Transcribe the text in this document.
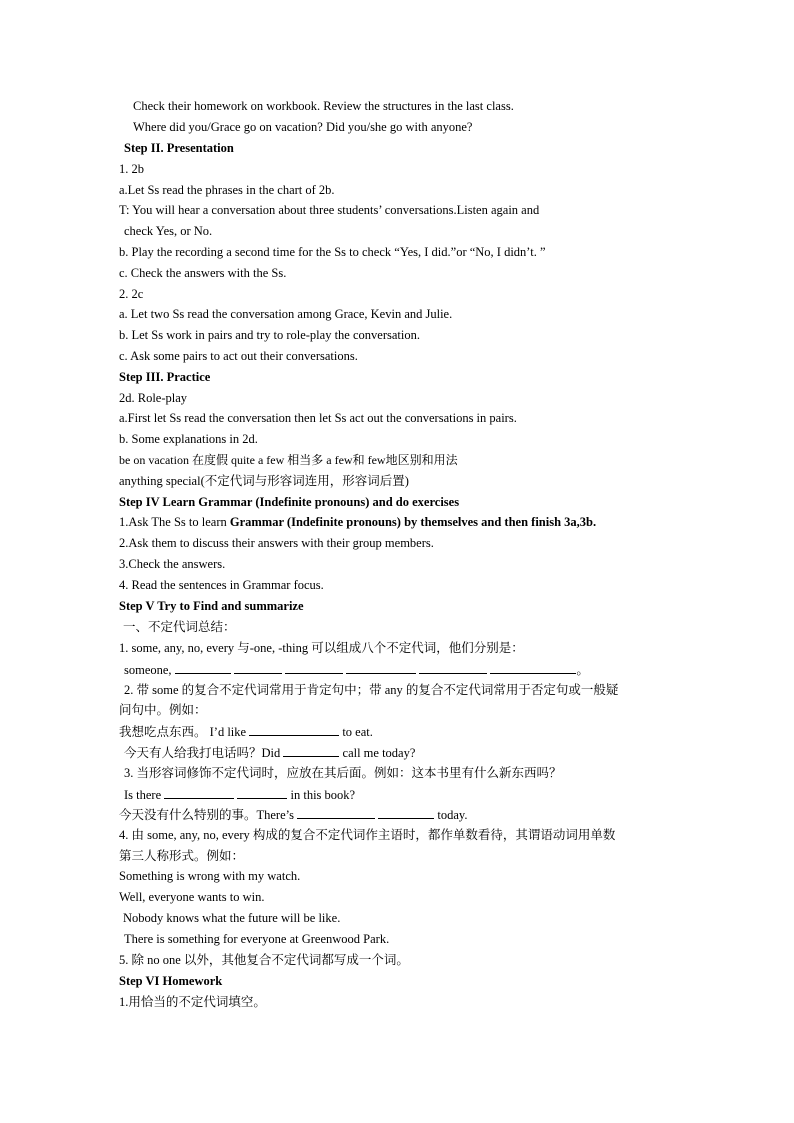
Check their homework on workbook. Review the structures in the last class.
Where did you/Grace go on vacation? Did you/she go with anyone?
Step II. Presentation
1. 2b
a.Let Ss read the phrases in the chart of 2b.
T: You will hear a conversation about three students’ conversations.Listen again and
check Yes, or No.
b. Play the recording a second time for the Ss to check “Yes, I did.”or “No, I didn’t. ”
c. Check the answers with the Ss.
2. 2c
a. Let two Ss read the conversation among Grace, Kevin and Julie.
b. Let Ss work in pairs and try to role-play the conversation.
c. Ask some pairs to act out their conversations.
Step III. Practice
2d. Role-play
a.First let Ss read the conversation then let Ss act out the conversations in pairs.
b. Some explanations in 2d.
be on vacation 在度假 quite a few 相当多 a few和 few地区别和用法
anything special(不定代词与形容词连用，形容词后置)
Step IV Learn Grammar (Indefinite pronouns) and do exercises
1.Ask The Ss to learn Grammar (Indefinite pronouns) by themselves and then finish 3a,3b.
2.Ask them to discuss their answers with their group members.
3.Check the answers.
4. Read the sentences in Grammar focus.
Step V Try to Find and summarize
一、不定代词总结：
1. some, any, no, every 与-one, -thing 可以组成八个不定代词，他们分别是：
someone,	。
2. 带 some 的复合不定代词常用于肯定句中；带 any 的复合不定代词常用于否定句或一般疑
问句中。例如：
我想吃点东西。 I’d like	to eat.
今天有人给我打电话吗？Did	call me today?
3. 当形容词修饰不定代词时，应放在其后面。例如：这本书里有什么新东西吗？
Is there	in this book?
今天没有什么特别的事。There’s	today.
4. 由 some, any, no, every 构成的复合不定代词作主语时，都作单数看待，其谓语动词用单数
第三人称形式。例如：
Something is wrong with my watch.
Well, everyone wants to win.
Nobody knows what the future will be like.
There is something for everyone at Greenwood Park.
5. 除 no one 以外，其他复合不定代词都写成一个词。
Step VI Homework
1.用恰当的不定代词填空。
